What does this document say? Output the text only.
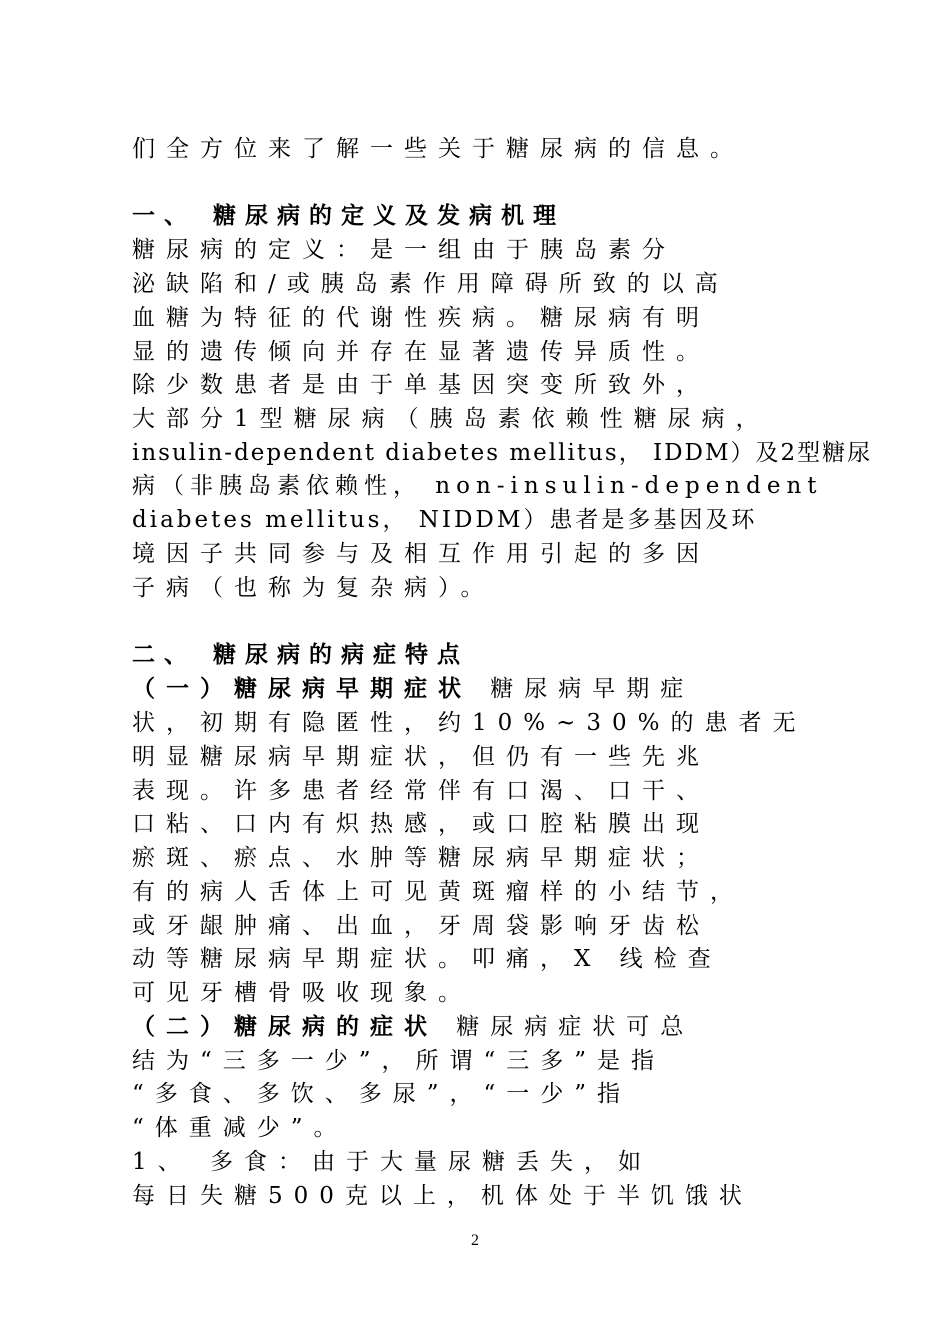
们全方位来了解一些关于糖尿病的信息。
一、 糖尿病的定义及发病机理
糖尿病的定义：是一组由于胰岛素分
泌缺陷和/或胰岛素作用障碍所致的以高
血糖为特征的代谢性疾病。糖尿病有明
显的遗传倾向并存在显著遗传异质性。
除少数患者是由于单基因突变所致外，
大部分1型糖尿病（胰岛素依赖性糖尿病，
insulin-dependent diabetes mellitus， IDDM）及2型糖尿
病（非胰岛素依赖性， non-insulin-dependent
diabetes mellitus， NIDDM）患者是多基因及环
境因子共同参与及相互作用引起的多因
子病（也称为复杂病）。
二、 糖尿病的病症特点
（一）糖尿病早期症状 糖尿病早期症
状，初期有隐匿性，约10%~30%的患者无
明显糖尿病早期症状，但仍有一些先兆
表现。许多患者经常伴有口渴、口干、
口粘、口内有炽热感，或口腔粘膜出现
瘀斑、瘀点、水肿等糖尿病早期症状；
有的病人舌体上可见黄斑瘤样的小结节，
或牙龈肿痛、出血，牙周袋影响牙齿松
动等糖尿病早期症状。叩痛，X 线检查
可见牙槽骨吸收现象。
（二）糖尿病的症状 糖尿病症状可总
结为“三多一少”，所谓“三多”是指
“多食、多饮、多尿”，“一少”指
“体重减少”。
1、 多食：由于大量尿糖丢失，如
每日失糖500克以上，机体处于半饥饿状
2
